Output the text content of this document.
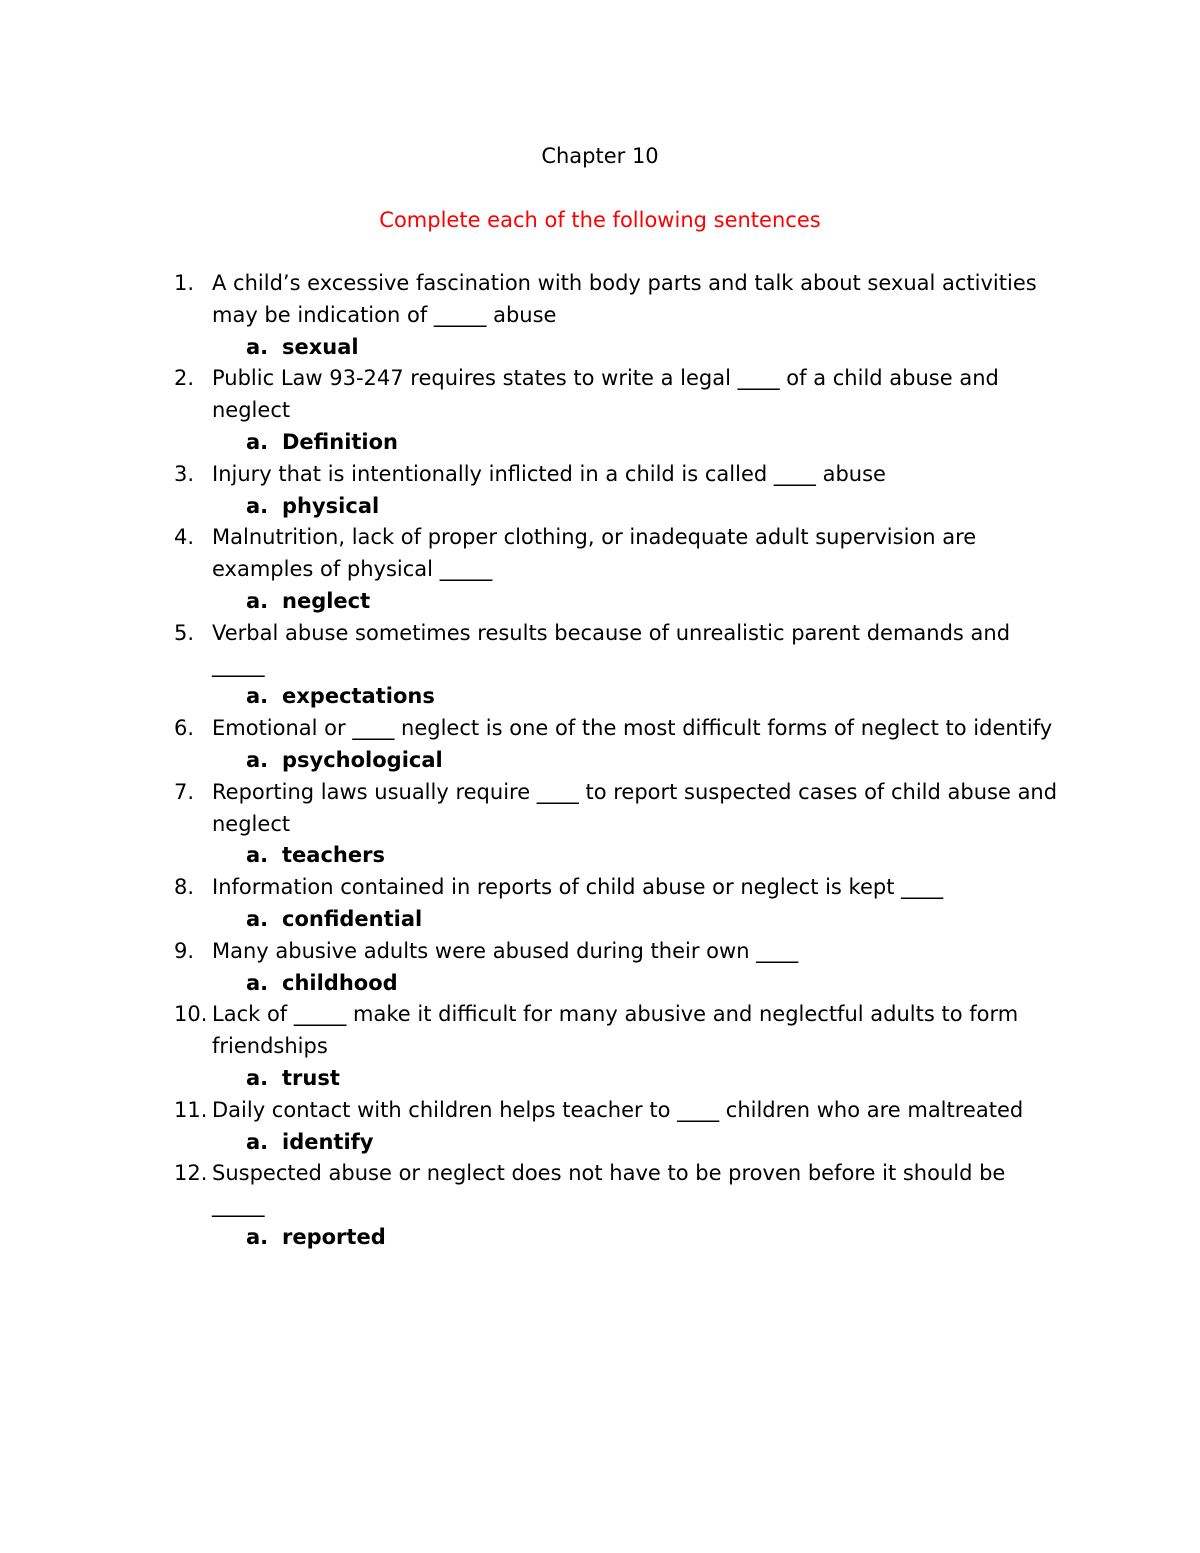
Chapter 10
Complete each of the following sentences
1. A child’s excessive fascination with body parts and talk about sexual activities may be indication of _____ abuse
a. sexual
2. Public Law 93-247 requires states to write a legal ____ of a child abuse and neglect
a. Definition
3. Injury that is intentionally inflicted in a child is called ____ abuse
a. physical
4. Malnutrition, lack of proper clothing, or inadequate adult supervision are examples of physical _____
a. neglect
5. Verbal abuse sometimes results because of unrealistic parent demands and _____
a. expectations
6. Emotional or ____ neglect is one of the most difficult forms of neglect to identify
a. psychological
7. Reporting laws usually require ____ to report suspected cases of child abuse and neglect
a. teachers
8. Information contained in reports of child abuse or neglect is kept ____
a. confidential
9. Many abusive adults were abused during their own ____
a. childhood
10. Lack of _____ make it difficult for many abusive and neglectful adults to form friendships
a. trust
11. Daily contact with children helps teacher to ____ children who are maltreated
a. identify
12. Suspected abuse or neglect does not have to be proven before it should be _____
a. reported
